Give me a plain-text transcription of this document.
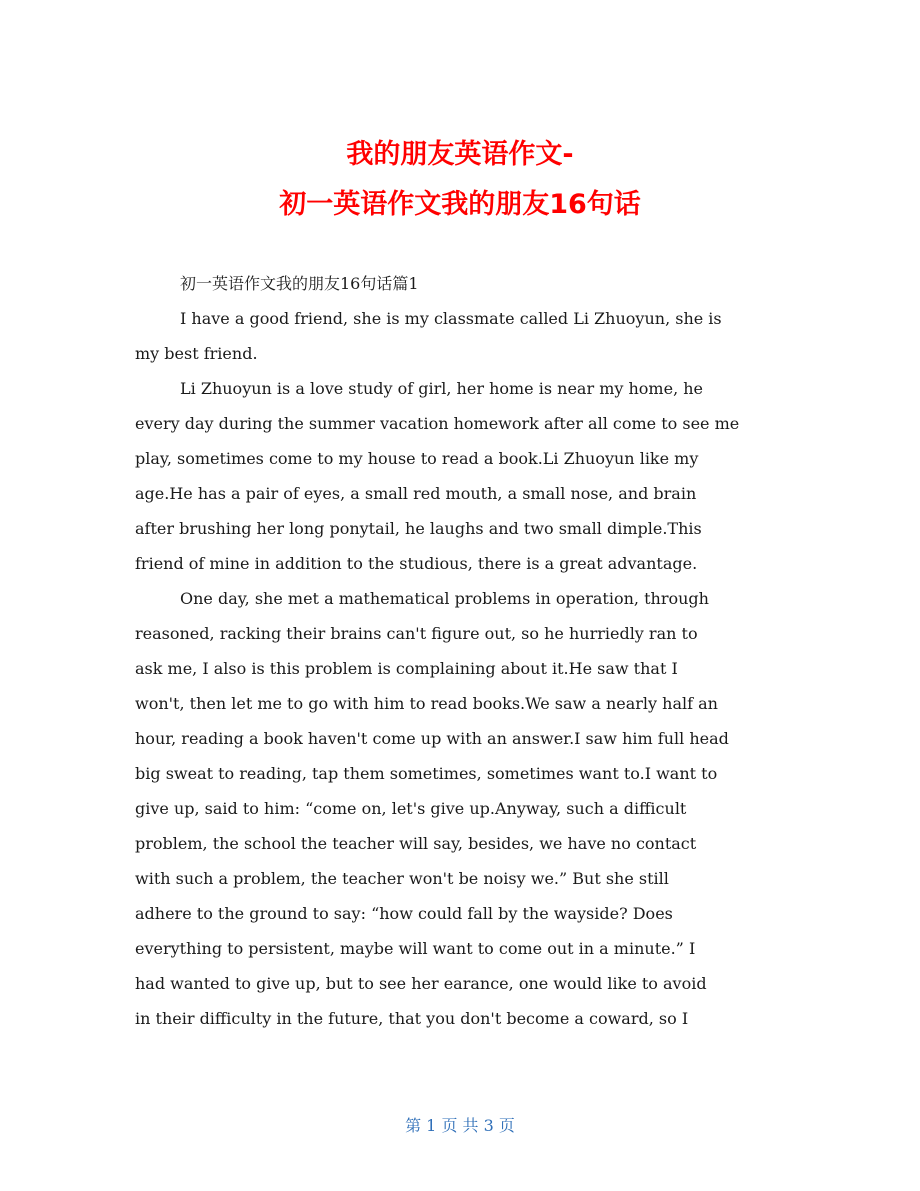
我的朋友英语作文-
初一英语作文我的朋友16句话

初一英语作文我的朋友16句话篇1

I have a good friend, she is my classmate called Li Zhuoyun, she is
my best friend.

Li Zhuoyun is a love study of girl, her home is near my home, he
every day during the summer vacation homework after all come to see me
play, sometimes come to my house to read a book.Li Zhuoyun like my
age.He has a pair of eyes, a small red mouth, a small nose, and brain
after brushing her long ponytail, he laughs and two small dimple.This
friend of mine in addition to the studious, there is a great advantage.

One day, she met a mathematical problems in operation, through
reasoned, racking their brains can't figure out, so he hurriedly ran to
ask me, I also is this problem is complaining about it.He saw that I
won't, then let me to go with him to read books.We saw a nearly half an
hour, reading a book haven't come up with an answer.I saw him full head
big sweat to reading, tap them sometimes, sometimes want to.I want to
give up, said to him: “come on, let's give up.Anyway, such a difficult
problem, the school the teacher will say, besides, we have no contact
with such a problem, the teacher won't be noisy we.” But she still
adhere to the ground to say: “how could fall by the wayside? Does
everything to persistent, maybe will want to come out in a minute.” I
had wanted to give up, but to see her earance, one would like to avoid
in their difficulty in the future, that you don't become a coward, so I

第 1 页 共 3 页
